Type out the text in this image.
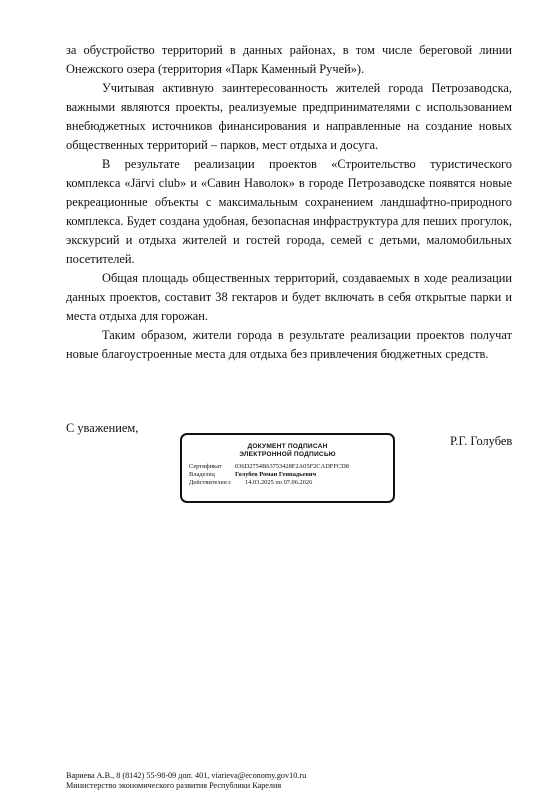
за обустройство территорий в данных районах, в том числе береговой линии Онежского озера (территория «Парк Каменный Ручей»).

Учитывая активную заинтересованность жителей города Петрозаводска, важными являются проекты, реализуемые предпринимателями с использованием внебюджетных источников финансирования и направленные на создание новых общественных территорий – парков, мест отдыха и досуга.

В результате реализации проектов «Строительство туристического комплекса «Järvi club» и «Савин Наволок» в городе Петрозаводске появятся новые рекреационные объекты с максимальным сохранением ландшафтно-природного комплекса. Будет создана удобная, безопасная инфраструктура для пеших прогулок, экскурсий и отдыха жителей и гостей города, семей с детьми, маломобильных посетителей.

Общая площадь общественных территорий, создаваемых в ходе реализации данных проектов, составит 38 гектаров и будет включать в себя открытые парки и места отдыха для горожан.

Таким образом, жители города в результате реализации проектов получат новые благоустроенные места для отдыха без привлечения бюджетных средств.

С уважением,
ДОКУМЕНТ ПОДПИСАН
ЭЛЕКТРОННОЙ ПОДПИСЬЮ
Сертификат	036D2754B63753428F2A05F2CADFFCD8
Владелец	Голубев Роман Геннадьевич
Действителен с	14.03.2025 по 07.06.2026
Р.Г. Голубев
Вариева А.В., 8 (8142) 55-98-09 доп. 401, viarieva@economy.gov10.ru
Министерство экономического развития Республики Карелия
